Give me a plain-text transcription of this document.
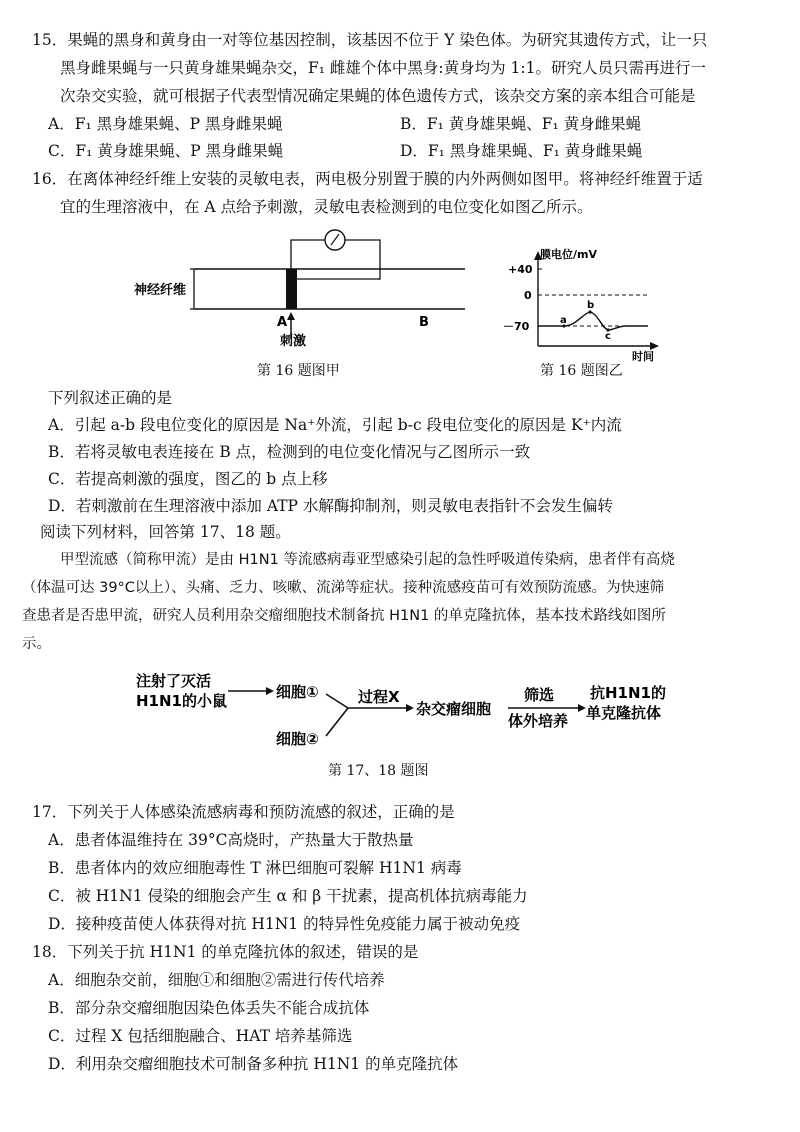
15．果蝇的黑身和黄身由一对等位基因控制，该基因不位于 Y 染色体。为研究其遗传方式，让一只
黑身雌果蝇与一只黄身雄果蝇杂交，F₁ 雌雄个体中黑身:黄身均为 1:1。研究人员只需再进行一
次杂交实验，就可根据子代表型情况确定果蝇的体色遗传方式，该杂交方案的亲本组合可能是
A．F₁ 黑身雄果蝇、P 黑身雌果蝇	B．F₁ 黄身雄果蝇、F₁ 黄身雌果蝇
C．F₁ 黄身雄果蝇、P 黑身雌果蝇	D．F₁ 黑身雄果蝇、F₁ 黄身雌果蝇
16．在离体神经纤维上安装的灵敏电表，两电极分别置于膜的内外两侧如图甲。将神经纤维置于适
宜的生理溶液中，在 A 点给予刺激，灵敏电表检测到的电位变化如图乙所示。
神经纤维
A
刺激
B
第 16 题图甲
膜电位/mV
时间
+40
0
－70	a
b
c
第 16 题图乙
下列叙述正确的是
A．引起 a-b 段电位变化的原因是 Na⁺外流，引起 b-c 段电位变化的原因是 K⁺内流
B．若将灵敏电表连接在 B 点，检测到的电位变化情况与乙图所示一致
C．若提高刺激的强度，图乙的 b 点上移
D．若刺激前在生理溶液中添加 ATP 水解酶抑制剂，则灵敏电表指针不会发生偏转
阅读下列材料，回答第 17、18 题。
甲型流感（简称甲流）是由 H1N1 等流感病毒亚型感染引起的急性呼吸道传染病，患者伴有高烧
（体温可达 39°C以上）、头痛、乏力、咳嗽、流涕等症状。接种流感疫苗可有效预防流感。为快速筛
查患者是否患甲流，研究人员利用杂交瘤细胞技术制备抗 H1N1 的单克隆抗体，基本技术路线如图所
示。
注射了灭活
H1N1的小鼠	细胞①
细胞②
过程X
杂交瘤细胞
筛选
体外培养
抗H1N1的
单克隆抗体
第 17、18 题图
17．下列关于人体感染流感病毒和预防流感的叙述，正确的是
A．患者体温维持在 39°C高烧时，产热量大于散热量
B．患者体内的效应细胞毒性 T 淋巴细胞可裂解 H1N1 病毒
C．被 H1N1 侵染的细胞会产生 α 和 β 干扰素，提高机体抗病毒能力
D．接种疫苗使人体获得对抗 H1N1 的特异性免疫能力属于被动免疫
18．下列关于抗 H1N1 的单克隆抗体的叙述，错误的是
A．细胞杂交前，细胞①和细胞②需进行传代培养
B．部分杂交瘤细胞因染色体丢失不能合成抗体
C．过程 X 包括细胞融合、HAT 培养基筛选
D．利用杂交瘤细胞技术可制备多种抗 H1N1 的单克隆抗体
